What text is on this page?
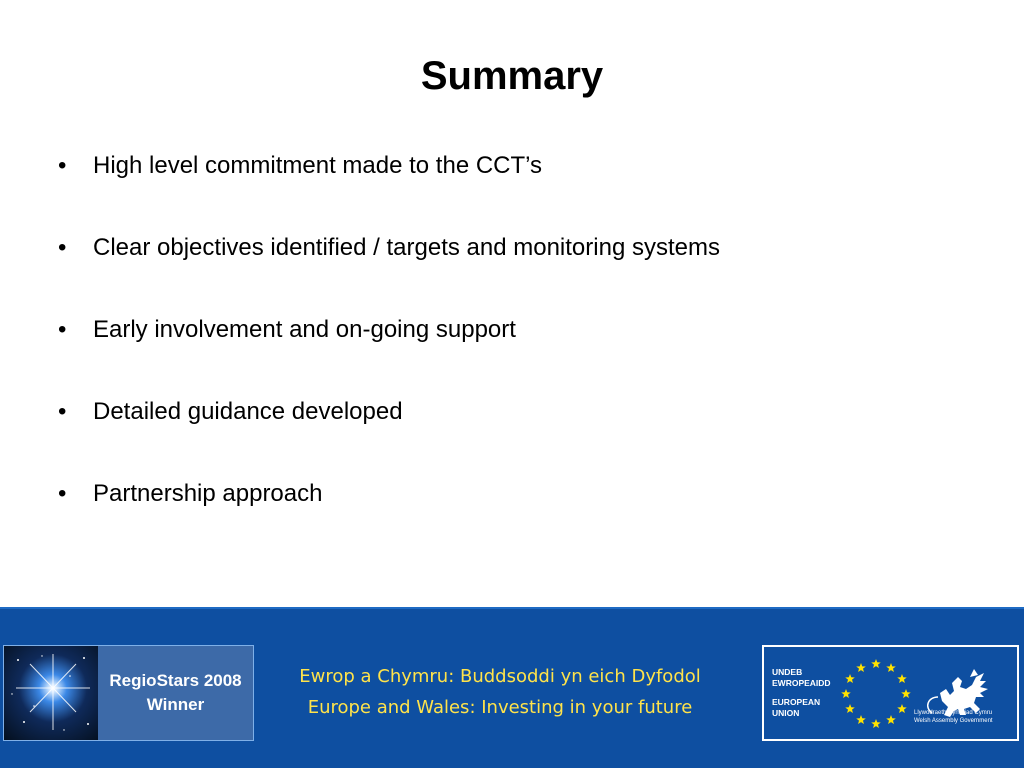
Summary
•	High level commitment made to the CCT’s
•	Clear objectives identified / targets and monitoring systems
•	Early involvement and on-going support
•	Detailed guidance developed
•	Partnership approach
RegioStars 2008
Winner
Ewrop a Chymru: Buddsoddi yn eich Dyfodol
Europe and Wales: Investing in your future
UNDEB
EWROPEAIDD
EUROPEAN
UNION	Llywodraeth Cynulliad Cymru
Welsh Assembly Government
